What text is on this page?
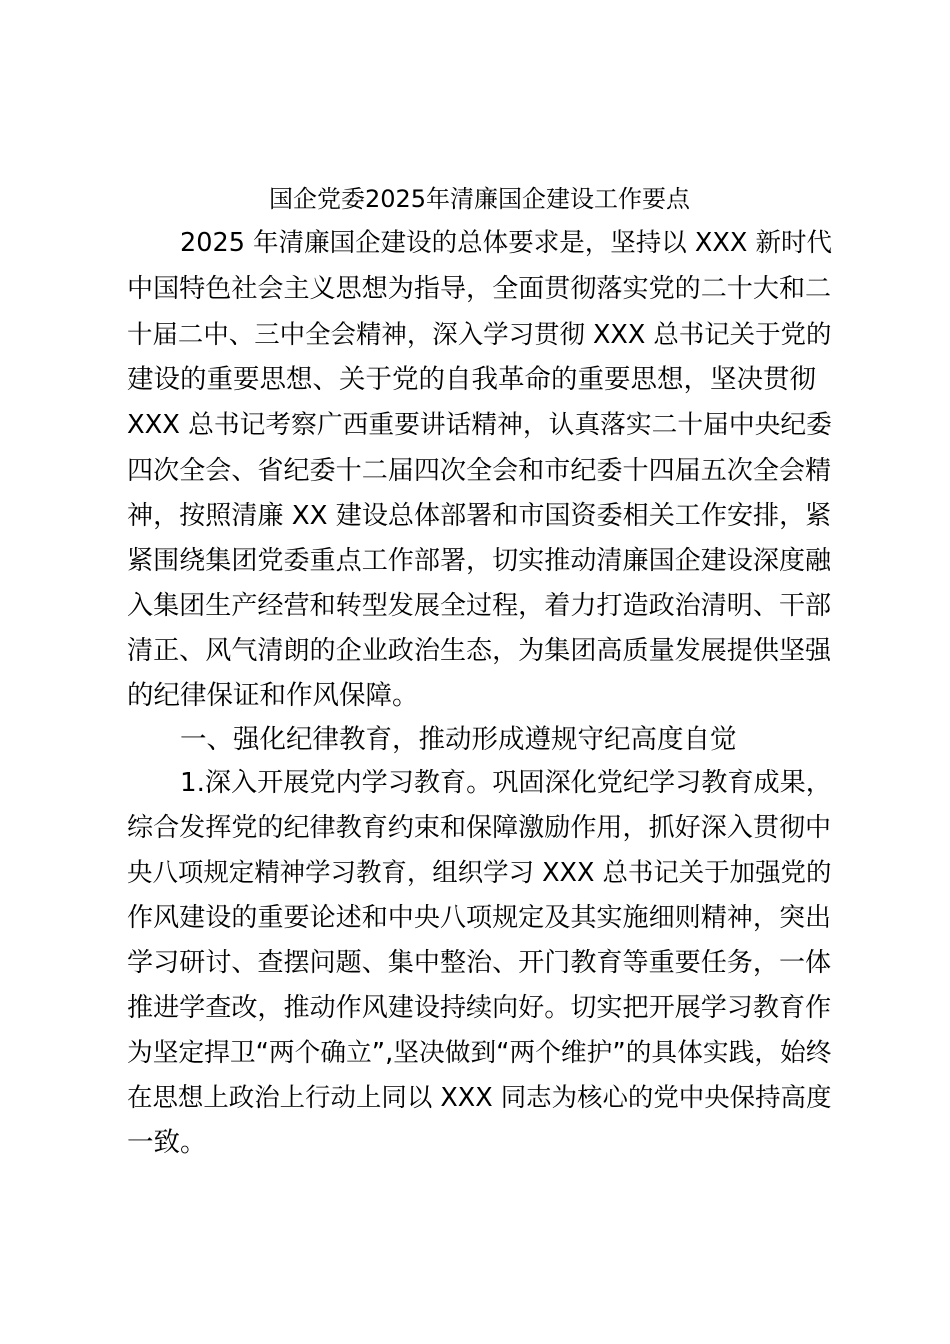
国企党委2025年清廉国企建设工作要点
2025 年清廉国企建设的总体要求是，坚持以 XXX 新时代
中国特色社会主义思想为指导，全面贯彻落实党的二十大和二
十届二中、三中全会精神，深入学习贯彻 XXX 总书记关于党的
建设的重要思想、关于党的自我革命的重要思想，坚决贯彻
XXX 总书记考察广西重要讲话精神，认真落实二十届中央纪委
四次全会、省纪委十二届四次全会和市纪委十四届五次全会精
神，按照清廉 XX 建设总体部署和市国资委相关工作安排，紧
紧围绕集团党委重点工作部署，切实推动清廉国企建设深度融
入集团生产经营和转型发展全过程，着力打造政治清明、干部
清正、风气清朗的企业政治生态，为集团高质量发展提供坚强
的纪律保证和作风保障。
一、强化纪律教育，推动形成遵规守纪高度自觉
1.深入开展党内学习教育。巩固深化党纪学习教育成果，
综合发挥党的纪律教育约束和保障激励作用，抓好深入贯彻中
央八项规定精神学习教育，组织学习 XXX 总书记关于加强党的
作风建设的重要论述和中央八项规定及其实施细则精神，突出
学习研讨、查摆问题、集中整治、开门教育等重要任务，一体
推进学查改，推动作风建设持续向好。切实把开展学习教育作
为坚定捍卫“两个确立”,坚决做到“两个维护”的具体实践，始终
在思想上政治上行动上同以 XXX 同志为核心的党中央保持高度
一致。
